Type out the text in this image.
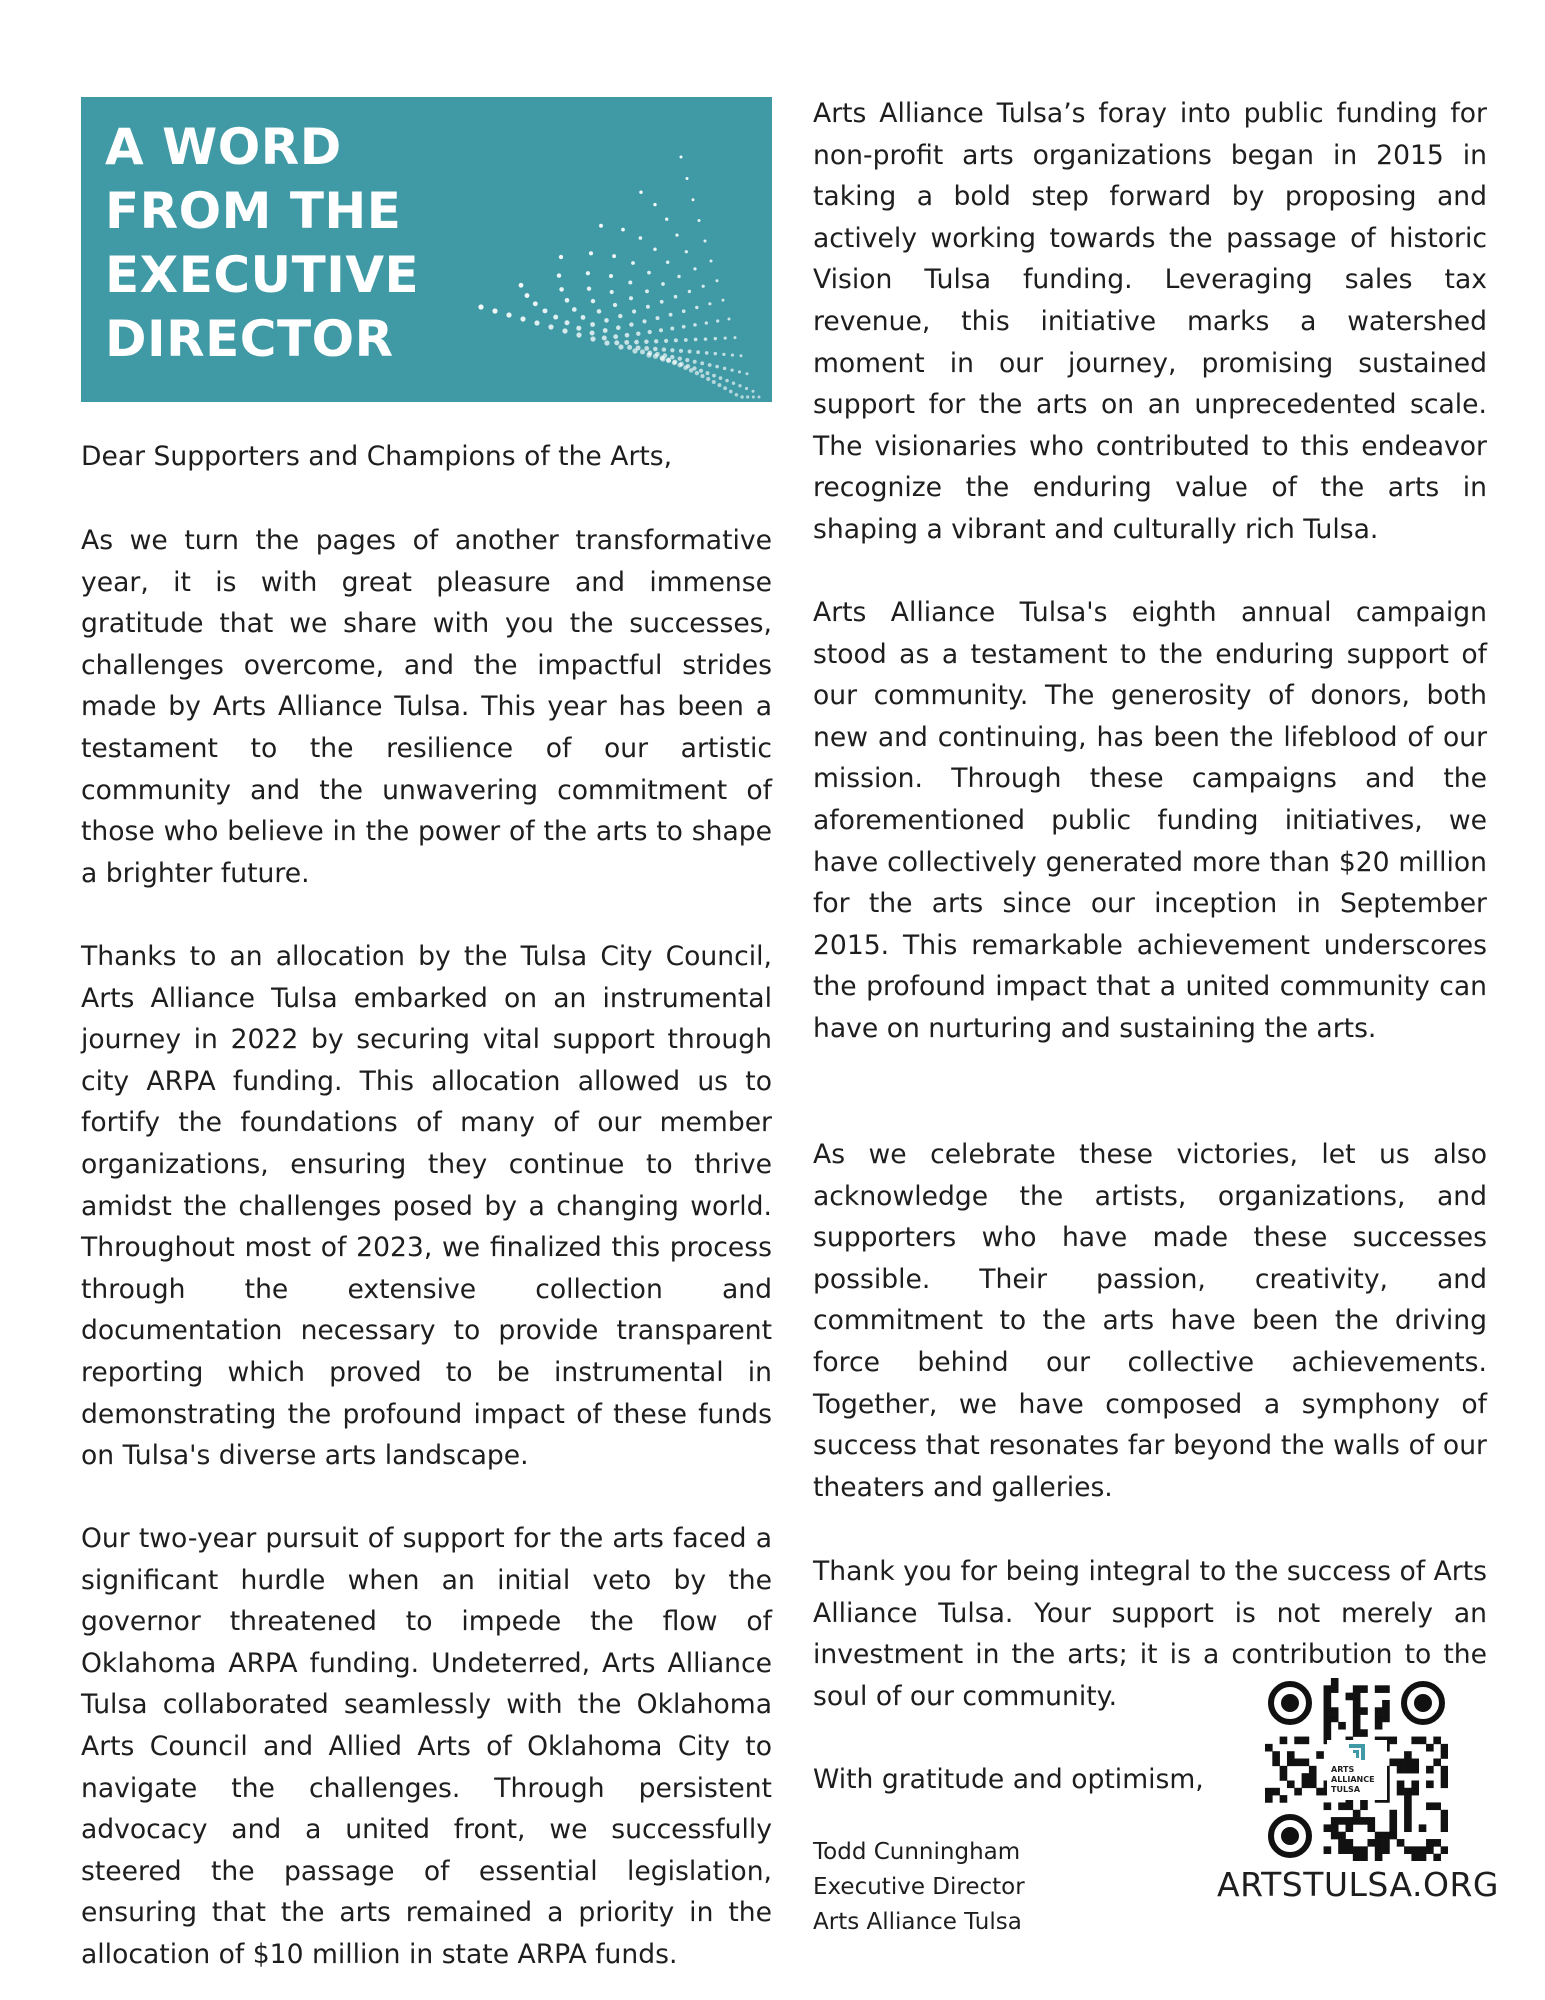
A WORD
FROM THE
EXECUTIVE
DIRECTOR

Dear Supporters and Champions of the Arts,

As we turn the pages of another transformative year, it is with great pleasure and immense gratitude that we share with you the successes, challenges overcome, and the impactful strides made by Arts Alliance Tulsa. This year has been a testament to the resilience of our artistic community and the unwavering commitment of those who believe in the power of the arts to shape a brighter future.

Thanks to an allocation by the Tulsa City Council, Arts Alliance Tulsa embarked on an instrumental journey in 2022 by securing vital support through city ARPA funding. This allocation allowed us to fortify the foundations of many of our member organizations, ensuring they continue to thrive amidst the challenges posed by a changing world. Throughout most of 2023, we finalized this process through the extensive collection and documentation necessary to provide transparent reporting which proved to be instrumental in demonstrating the profound impact of these funds on Tulsa's diverse arts landscape.

Our two-year pursuit of support for the arts faced a significant hurdle when an initial veto by the governor threatened to impede the flow of Oklahoma ARPA funding. Undeterred, Arts Alliance Tulsa collaborated seamlessly with the Oklahoma Arts Council and Allied Arts of Oklahoma City to navigate the challenges. Through persistent advocacy and a united front, we successfully steered the passage of essential legislation, ensuring that the arts remained a priority in the allocation of $10 million in state ARPA funds.

Arts Alliance Tulsa’s foray into public funding for non-profit arts organizations began in 2015 in taking a bold step forward by proposing and actively working towards the passage of historic Vision Tulsa funding. Leveraging sales tax revenue, this initiative marks a watershed moment in our journey, promising sustained support for the arts on an unprecedented scale. The visionaries who contributed to this endeavor recognize the enduring value of the arts in shaping a vibrant and culturally rich Tulsa.

Arts Alliance Tulsa's eighth annual campaign stood as a testament to the enduring support of our community. The generosity of donors, both new and continuing, has been the lifeblood of our mission. Through these campaigns and the aforementioned public funding initiatives, we have collectively generated more than $20 million for the arts since our inception in September 2015. This remarkable achievement underscores the profound impact that a united community can have on nurturing and sustaining the arts.

As we celebrate these victories, let us also acknowledge the artists, organizations, and supporters who have made these successes possible. Their passion, creativity, and commitment to the arts have been the driving force behind our collective achievements. Together, we have composed a symphony of success that resonates far beyond the walls of our theaters and galleries.

Thank you for being integral to the success of Arts Alliance Tulsa. Your support is not merely an investment in the arts; it is a contribution to the soul of our community.

With gratitude and optimism,

Todd Cunningham

Executive Director

Arts Alliance Tulsa

ARTS
ALLIANCE
TULSA

ARTSTULSA.ORG
